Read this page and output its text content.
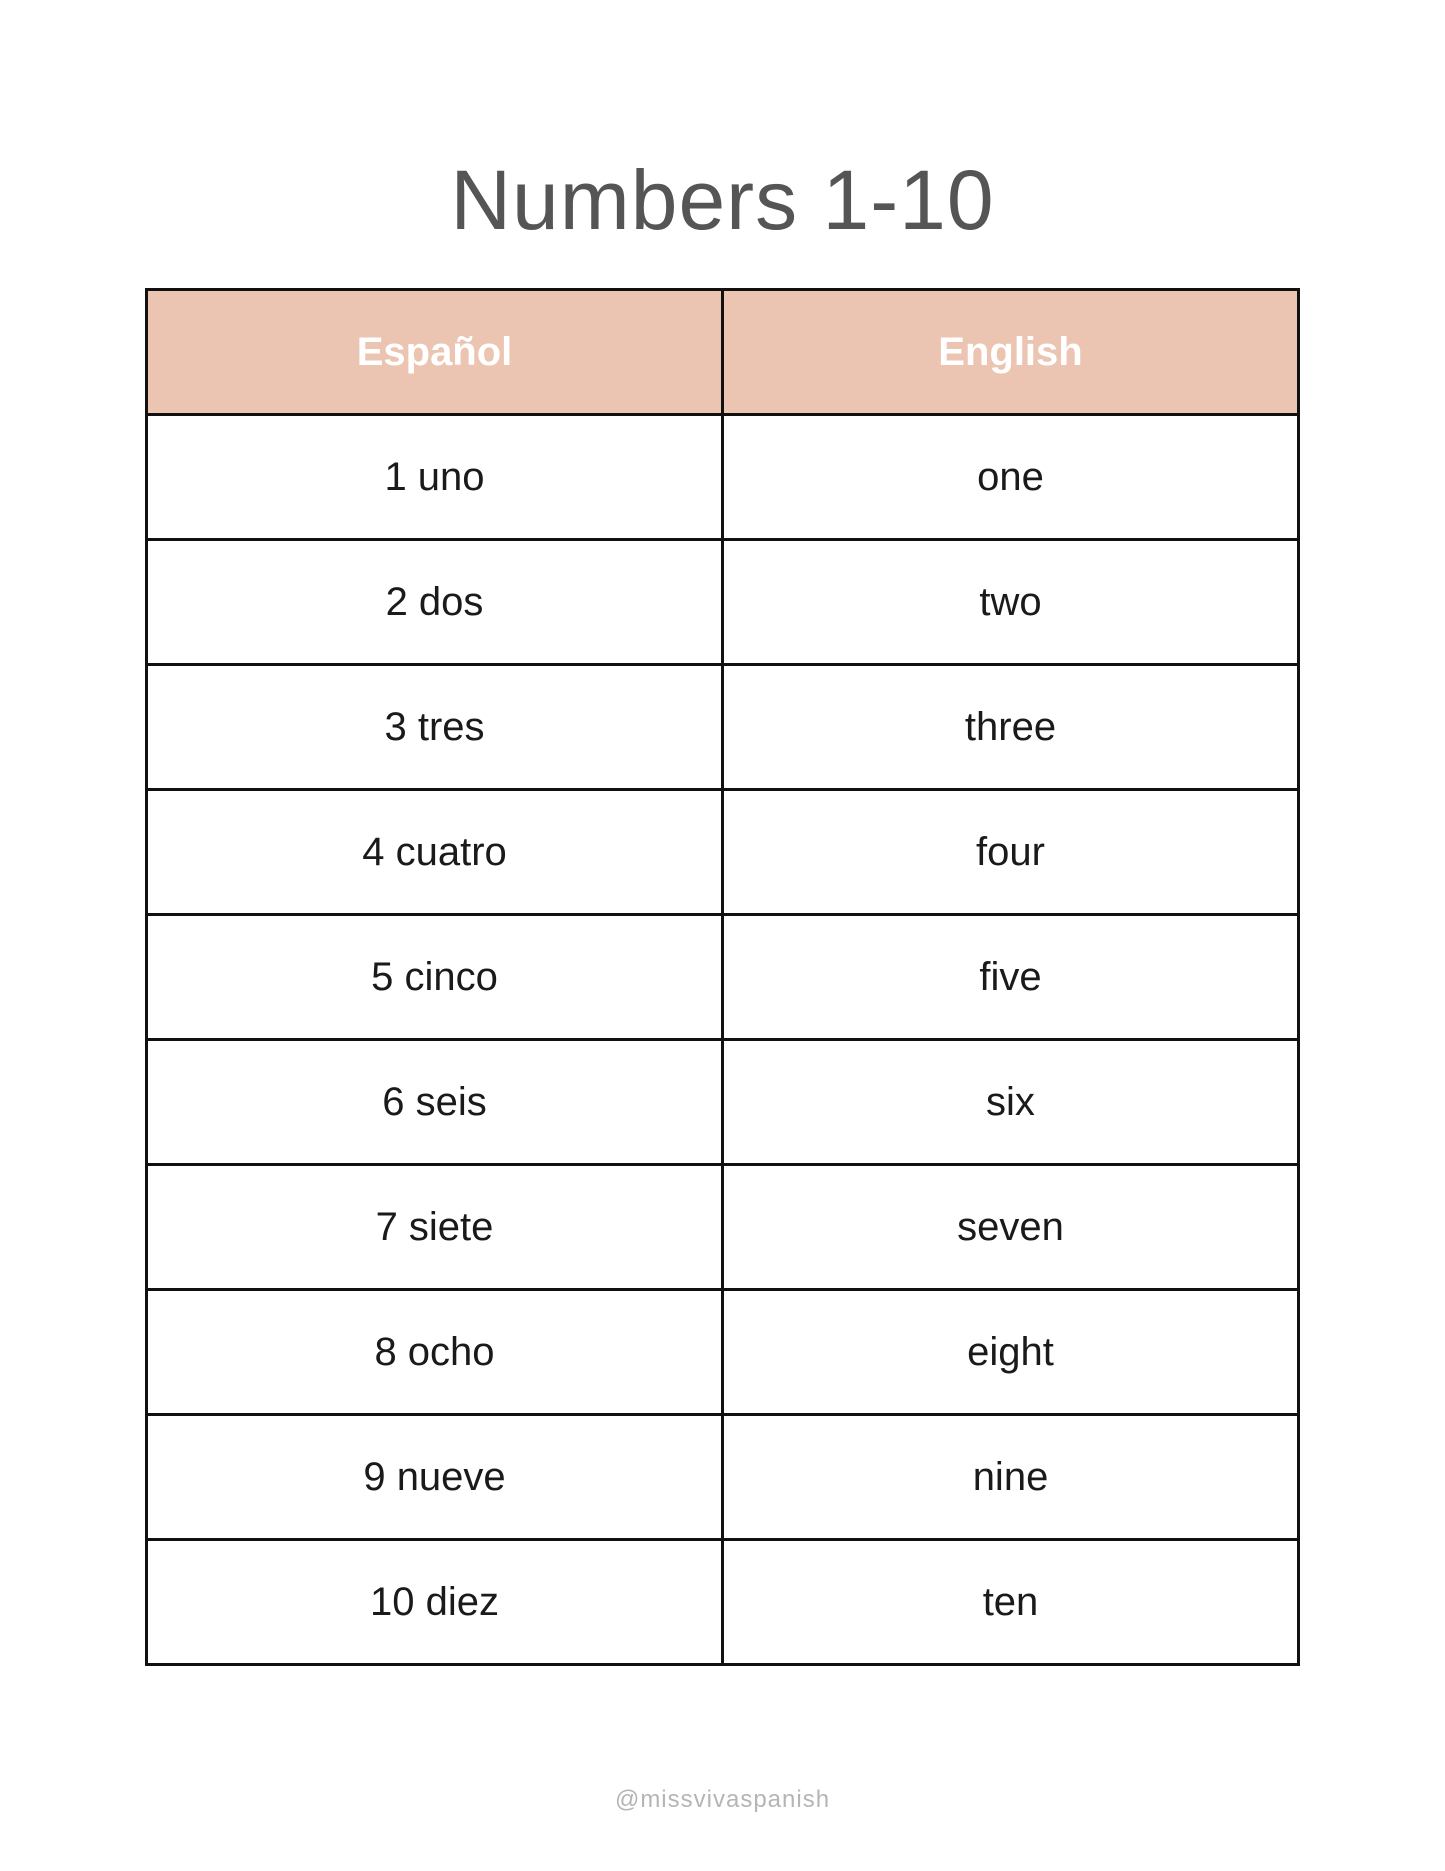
Numbers 1-10
Español	English
1 uno	one
2 dos	two
3 tres	three
4 cuatro	four
5 cinco	five
6 seis	six
7 siete	seven
8 ocho	eight
9 nueve	nine
10 diez	ten
@missvivaspanish
